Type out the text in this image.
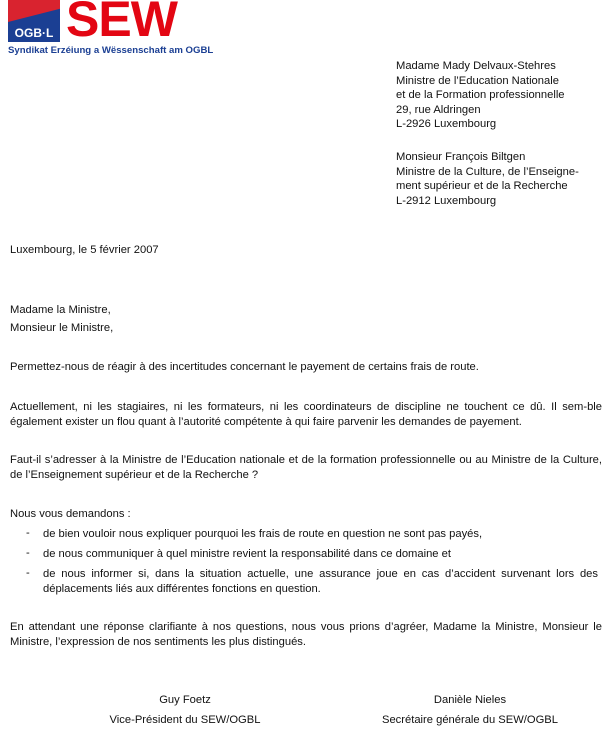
OGB·L SEW
Syndikat Erzéiung a Wëssenschaft am OGBL
Madame Mady Delvaux-Stehres
Ministre de l’Education Nationale
et de la Formation professionnelle
29, rue Aldringen
L-2926 Luxembourg
Monsieur François Biltgen
Ministre de la Culture, de l’Enseigne-
ment supérieur et de la Recherche
L-2912 Luxembourg
Luxembourg, le 5 février 2007
Madame la Ministre,
Monsieur le Ministre,
Permettez-nous de réagir à des incertitudes concernant le payement de certains frais de route.
Actuellement, ni les stagiaires, ni les formateurs, ni les coordinateurs de discipline ne touchent ce dû. Il sem-ble également exister un flou quant à l’autorité compétente à qui faire parvenir les demandes de payement.
Faut-il s’adresser à la Ministre de l’Education nationale et de la formation professionnelle ou au Ministre de la Culture, de l’Enseignement supérieur et de la Recherche ?
Nous vous demandons :
- de bien vouloir nous expliquer pourquoi les frais de route en question ne sont pas payés,
- de nous communiquer à quel ministre revient la responsabilité dans ce domaine et
- de nous informer si, dans la situation actuelle, une assurance joue en cas d’accident survenant lors des déplacements liés aux différentes fonctions en question.
En attendant une réponse clarifiante à nos questions, nous vous prions d’agréer, Madame la Ministre, Monsieur le Ministre, l’expression de nos sentiments les plus distingués.
Guy Foetz
Vice-Président du SEW/OGBL
Danièle Nieles
Secrétaire générale du SEW/OGBL
